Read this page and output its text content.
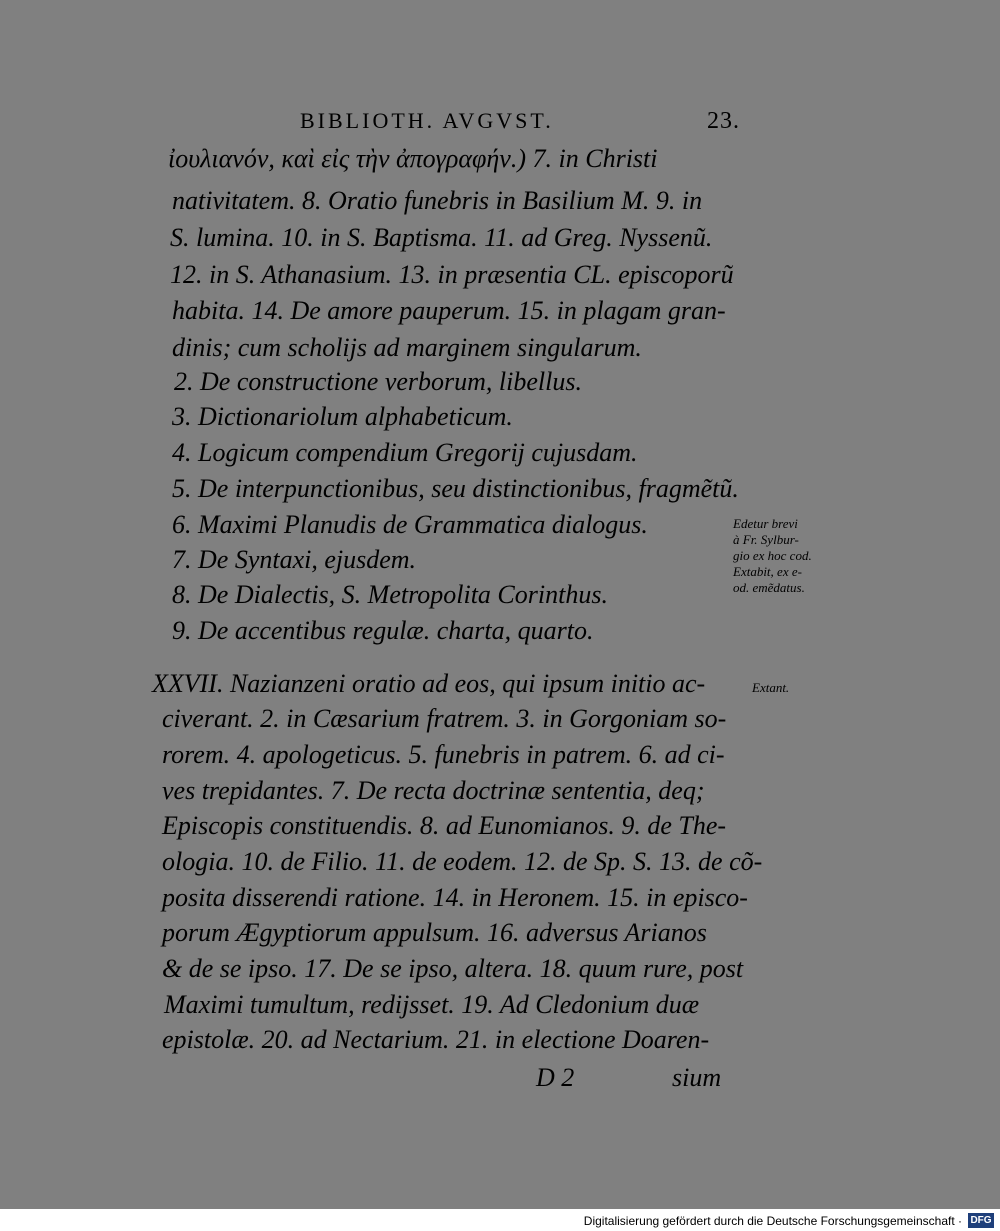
BIBLIOTH. AVGVST.	23.
ἰουλιανόν, καὶ εἰς τὴν ἀπογραφήν.) 7. in Christi
nativitatem. 8. Oratio funebris in Basilium M. 9. in
S. lumina. 10. in S. Baptisma. 11. ad Greg. Nyssenũ.
12. in S. Athanasium. 13. in præsentia CL. episcoporũ
habita. 14. De amore pauperum. 15. in plagam gran-
dinis; cum scholijs ad marginem singularum.
2. De constructione verborum, libellus.
3. Dictionariolum alphabeticum.
4. Logicum compendium Gregorij cujusdam.
5. De interpunctionibus, seu distinctionibus, fragmẽtũ.
6. Maximi Planudis de Grammatica dialogus.
7. De Syntaxi, ejusdem.
8. De Dialectis, S. Metropolita Corinthus.
9. De accentibus regulæ. charta, quarto.
XXVII. Nazianzeni oratio ad eos, qui ipsum initio ac-
civerant. 2. in Cæsarium fratrem. 3. in Gorgoniam so-
rorem. 4. apologeticus. 5. funebris in patrem. 6. ad ci-
ves trepidantes. 7. De recta doctrinæ sententia, deq;
Episcopis constituendis. 8. ad Eunomianos. 9. de The-
ologia. 10. de Filio. 11. de eodem. 12. de Sp. S. 13. de cõ-
posita disserendi ratione. 14. in Heronem. 15. in episco-
porum Ægyptiorum appulsum. 16. adversus Arianos
& de se ipso. 17. De se ipso, altera. 18. quum rure, post
Maximi tumultum, redijsset. 19. Ad Cledonium duæ
epistolæ. 20. ad Nectarium. 21. in electione Doaren-
D 2	sium
Edetur brevi
à Fr. Sylbur-
gio ex hoc cod.
Extabit, ex e-
od. emẽdatus.
Extant.
Digitalisierung gefördert durch die Deutsche Forschungsgemeinschaft · DFG
